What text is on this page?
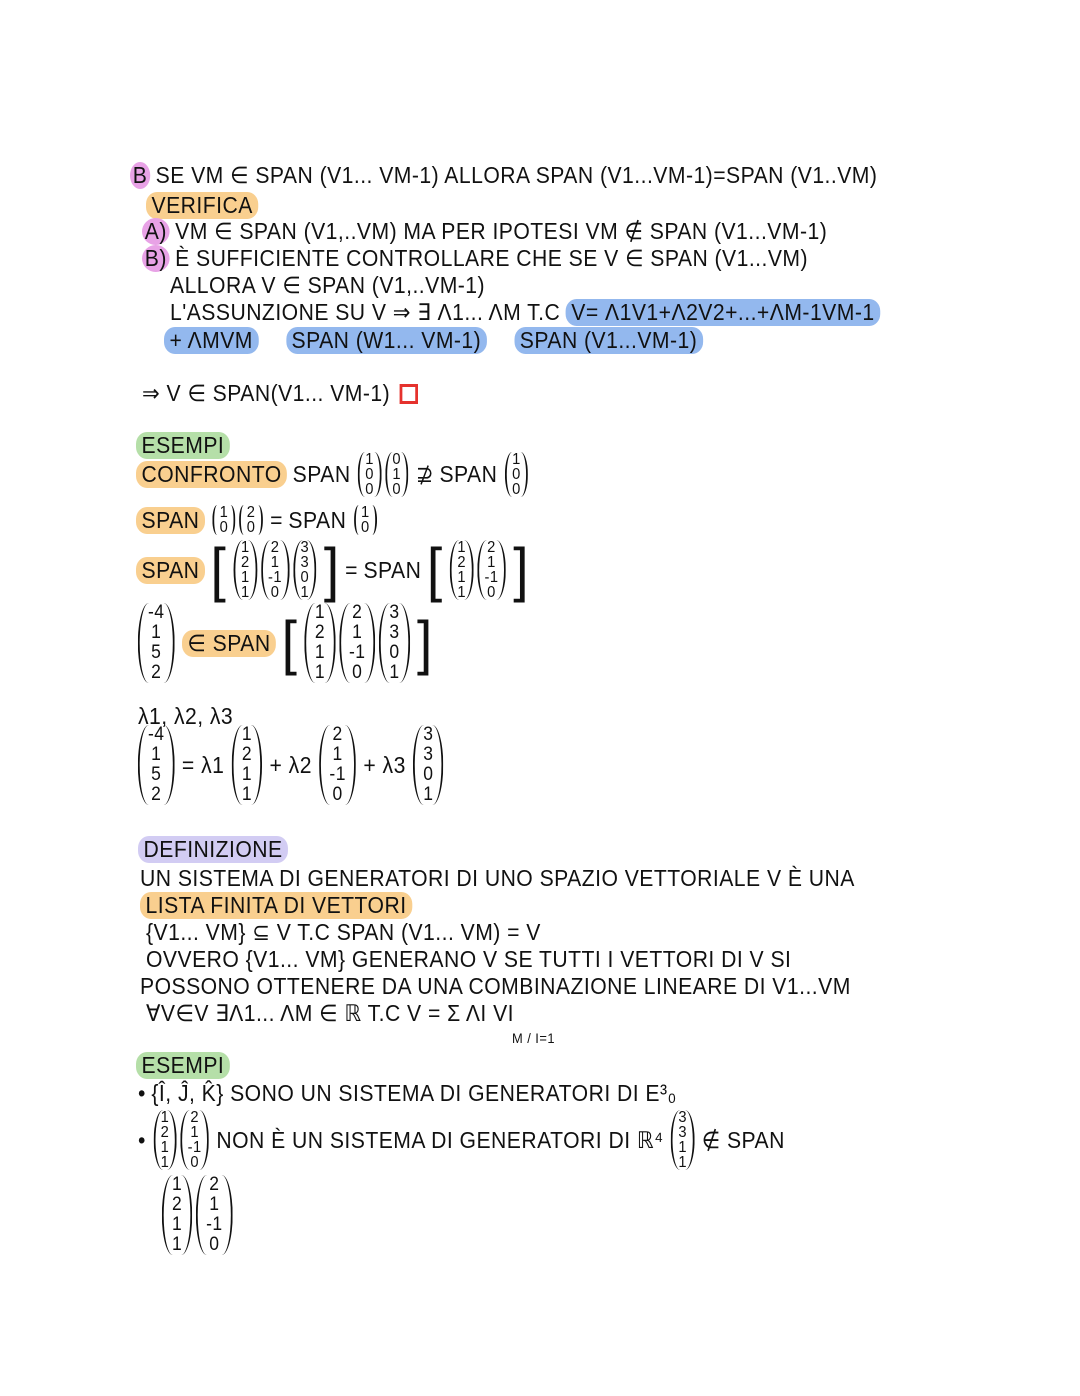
B SE VM ∈ SPAN (V1... VM-1) ALLORA SPAN (V1...VM-1)=SPAN (V1..VM)
VERIFICA
A) VM ∈ SPAN (V1,..VM) MA PER IPOTESI VM ∉ SPAN (V1...VM-1)
B) È SUFFICIENTE CONTROLLARE CHE SE V ∈ SPAN (V1...VM)
ALLORA V ∈ SPAN (V1,..VM-1)
L'ASSUNZIONE SU V ⇒ ∃ Λ1... ΛM T.C V= Λ1V1+Λ2V2+...+ΛM-1VM-1
+ ΛMVM SPAN (W1... VM-1) SPAN (V1...VM-1)
⇒ V ∈ SPAN(V1... VM-1)
ESEMPI
CONFRONTO SPAN
1
0
0
0
1
0
⊉ SPAN
1
0
0
SPAN	1
0
2
0 = SPAN 1
0
SPAN [ 1
2
1
1
2
1
-1
0
3
3
0
1 ] = SPAN [ 1
2
1
1
2
1
-1
0 ]
-4
1
5
2
∈ SPAN [ 1
2
1
1
2
1
-1
0
3
3
0
1 ]
λ1, λ2, λ3
-4
1
5
2
= λ1
1
2
1
1
+ λ2
2
1
-1
0
+ λ3
3
3
0
1
DEFINIZIONE
UN SISTEMA DI GENERATORI DI UNO SPAZIO VETTORIALE V È UNA
LISTA FINITA DI VETTORI
{V1... VM} ⊆ V T.C SPAN (V1... VM) = V
OVVERO {V1... VM} GENERANO V SE TUTTI I VETTORI DI V SI
POSSONO OTTENERE DA UNA COMBINAZIONE LINEARE DI V1...VM
∀V∈V ∃Λ1... ΛM ∈ ℝ T.C V = Σ ΛI VI
M / I=1
ESEMPI
• {Î, Ĵ, K̂} SONO UN SISTEMA DI GENERATORI DI E³₀
•
1
2
1
1
2
1
-1
0
NON È UN SISTEMA DI GENERATORI DI ℝ⁴
3
3
1
1
∉ SPAN
1
2
1
1
2
1
-1
0
